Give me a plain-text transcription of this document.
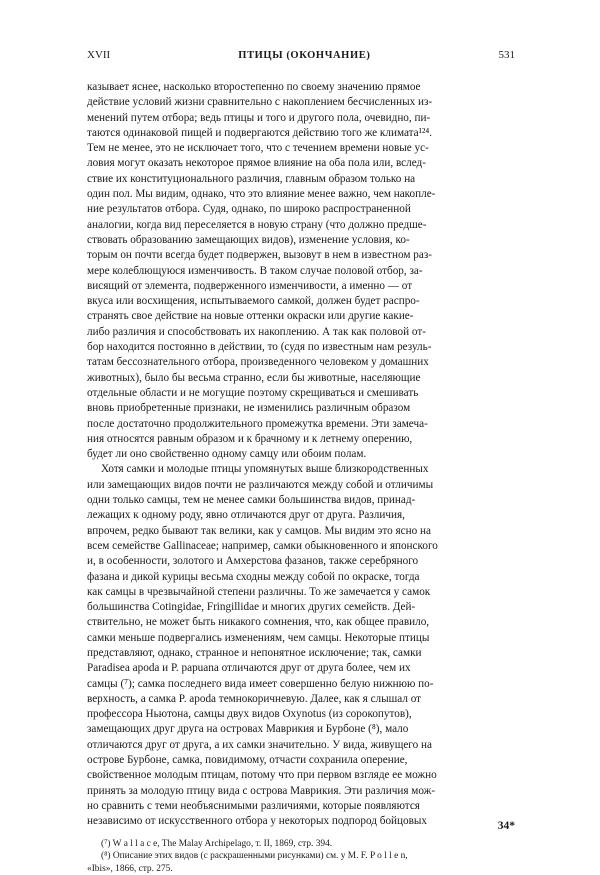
XVII	ПТИЦЫ (ОКОНЧАНИЕ)	531
казывает яснее, насколько второстепенно по своему значению прямое
действие условий жизни сравнительно с накоплением бесчисленных из-
менений путем отбора; ведь птицы и того и другого пола, очевидно, пи-
таются одинаковой пищей и подвергаются действию того же климата¹²⁴.
Тем не менее, это не исключает того, что с течением времени новые ус-
ловия могут оказать некоторое прямое влияние на оба пола или, вслед-
ствие их конституционального различия, главным образом только на
один пол. Мы видим, однако, что это влияние менее важно, чем накопле-
ние результатов отбора. Судя, однако, по широко распространенной
аналогии, когда вид переселяется в новую страну (что должно предше-
ствовать образованию замещающих видов), изменение условия, ко-
торым он почти всегда будет подвержен, вызовут в нем в известном раз-
мере колеблющуюся изменчивость. В таком случае половой отбор, за-
висящий от элемента, подверженного изменчивости, а именно — от
вкуса или восхищения, испытываемого самкой, должен будет распро-
странять свое действие на новые оттенки окраски или другие какие-
либо различия и способствовать их накоплению. А так как половой от-
бор находится постоянно в действии, то (судя по известным нам резуль-
татам бессознательного отбора, произведенного человеком у домашних
животных), было бы весьма странно, если бы животные, населяющие
отдельные области и не могущие поэтому скрещиваться и смешивать
вновь приобретенные признаки, не изменились различным образом
после достаточно продолжительного промежутка времени. Эти замеча-
ния относятся равным образом и к брачному и к летнему оперению,
будет ли оно свойственно одному самцу или обоим полам.
Хотя самки и молодые птицы упомянутых выше близкородственных
или замещающих видов почти не различаются между собой и отличимы
одни только самцы, тем не менее самки большинства видов, принад-
лежащих к одному роду, явно отличаются друг от друга. Различия,
впрочем, редко бывают так велики, как у самцов. Мы видим это ясно на
всем семействе Gallinaceae; например, самки обыкновенного и японского
и, в особенности, золотого и Амхерстова фазанов, также серебряного
фазана и дикой курицы весьма сходны между собой по окраске, тогда
как самцы в чрезвычайной степени различны. То же замечается у самок
большинства Cotingidae, Fringillidae и многих других семейств. Дей-
ствительно, не может быть никакого сомнения, что, как общее правило,
самки меньше подвергались изменениям, чем самцы. Некоторые птицы
представляют, однако, странное и непонятное исключение; так, самки
Paradisea apoda и P. papuana отличаются друг от друга более, чем их
самцы (⁷); самка последнего вида имеет совершенно белую нижнюю по-
верхность, а самка P. apoda темнокоричневую. Далее, как я слышал от
профессора Ньютона, самцы двух видов Oxynotus (из сорокопутов),
замещающих друг друга на островах Маврикия и Бурбоне (⁸), мало
отличаются друг от друга, а их самки значительно. У вида, живущего на
острове Бурбоне, самка, повидимому, отчасти сохранила оперение,
свойственное молодым птицам, потому что при первом взгляде ее можно
принять за молодую птицу вида с острова Маврикия. Эти различия мож-
но сравнить с теми необъяснимыми различиями, которые появляются
независимо от искусственного отбора у некоторых подпород бойцовых
(⁷) W a l l a c e, The Malay Archipelago, т. II, 1869, стр. 394.
(⁸) Описание этих видов (с раскрашенными рисунками) см. у M. F. P o l l e n,
«Ibis», 1866, стр. 275.
34*
